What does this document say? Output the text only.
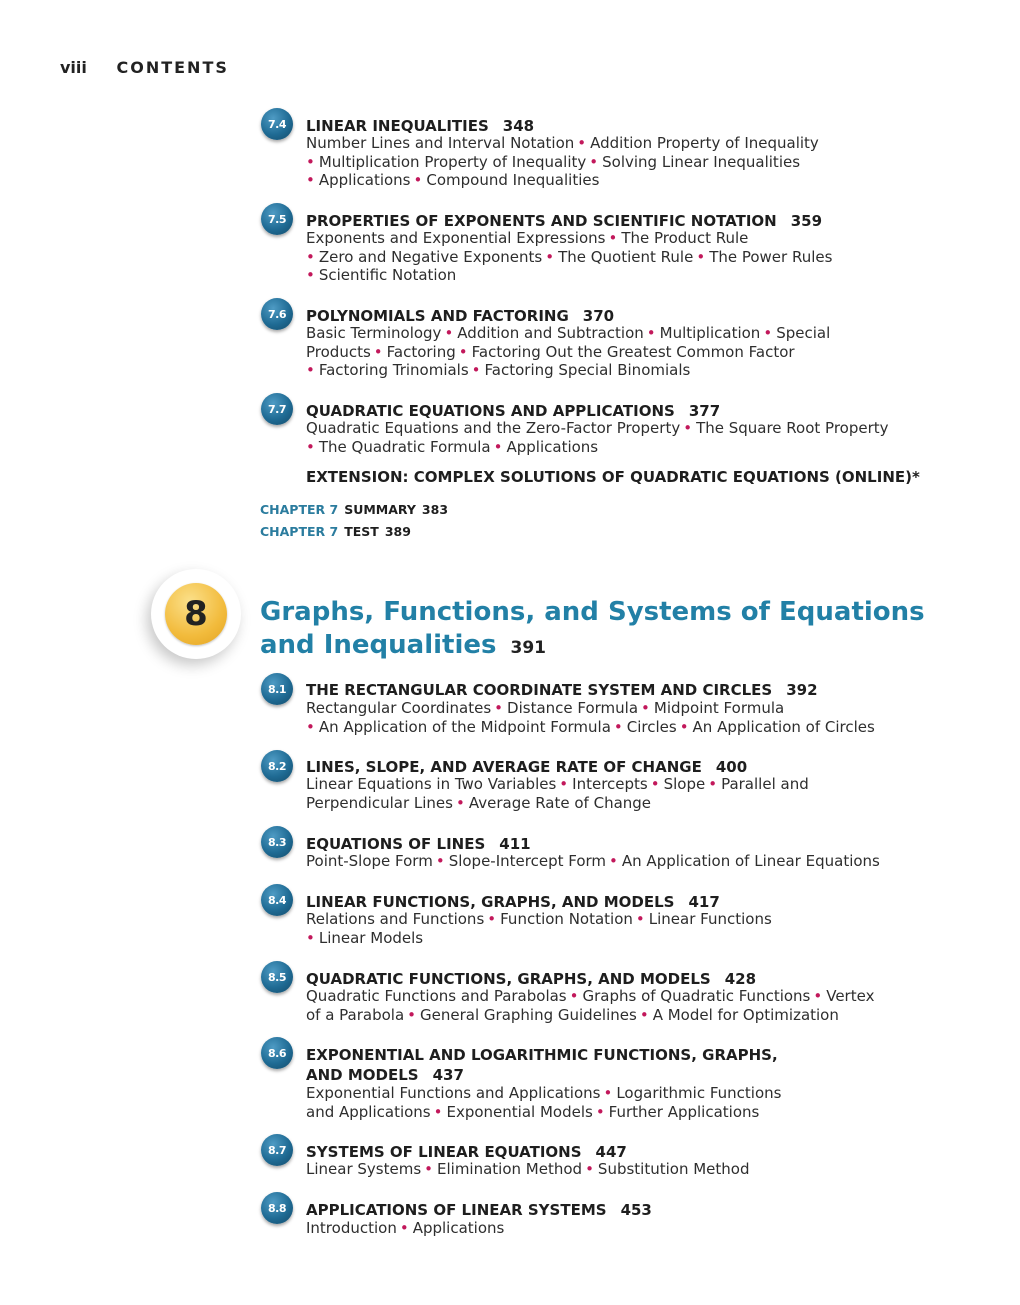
viii CONTENTS
7.4	LINEAR INEQUALITIES 348
Number Lines and Interval Notation • Addition Property of Inequality
• Multiplication Property of Inequality • Solving Linear Inequalities
• Applications • Compound Inequalities
7.5	PROPERTIES OF EXPONENTS AND SCIENTIFIC NOTATION 359
Exponents and Exponential Expressions • The Product Rule
• Zero and Negative Exponents • The Quotient Rule • The Power Rules
• Scientific Notation
7.6	POLYNOMIALS AND FACTORING 370
Basic Terminology • Addition and Subtraction • Multiplication • Special
Products • Factoring • Factoring Out the Greatest Common Factor
• Factoring Trinomials • Factoring Special Binomials
7.7	QUADRATIC EQUATIONS AND APPLICATIONS 377
Quadratic Equations and the Zero-Factor Property • The Square Root Property
• The Quadratic Formula • Applications
EXTENSION: COMPLEX SOLUTIONS OF QUADRATIC EQUATIONS (ONLINE)*
CHAPTER 7 SUMMARY 383
CHAPTER 7 TEST 389
8	Graphs, Functions, and Systems of Equations
and Inequalities 391
8.1	THE RECTANGULAR COORDINATE SYSTEM AND CIRCLES 392
Rectangular Coordinates • Distance Formula • Midpoint Formula
• An Application of the Midpoint Formula • Circles • An Application of Circles
8.2	LINES, SLOPE, AND AVERAGE RATE OF CHANGE 400
Linear Equations in Two Variables • Intercepts • Slope • Parallel and
Perpendicular Lines • Average Rate of Change
8.3	EQUATIONS OF LINES 411
Point-Slope Form • Slope-Intercept Form • An Application of Linear Equations
8.4	LINEAR FUNCTIONS, GRAPHS, AND MODELS 417
Relations and Functions • Function Notation • Linear Functions
• Linear Models
8.5	QUADRATIC FUNCTIONS, GRAPHS, AND MODELS 428
Quadratic Functions and Parabolas • Graphs of Quadratic Functions • Vertex
of a Parabola • General Graphing Guidelines • A Model for Optimization
8.6	EXPONENTIAL AND LOGARITHMIC FUNCTIONS, GRAPHS,
AND MODELS 437
Exponential Functions and Applications • Logarithmic Functions
and Applications • Exponential Models • Further Applications
8.7	SYSTEMS OF LINEAR EQUATIONS 447
Linear Systems • Elimination Method • Substitution Method
8.8	APPLICATIONS OF LINEAR SYSTEMS 453
Introduction • Applications
